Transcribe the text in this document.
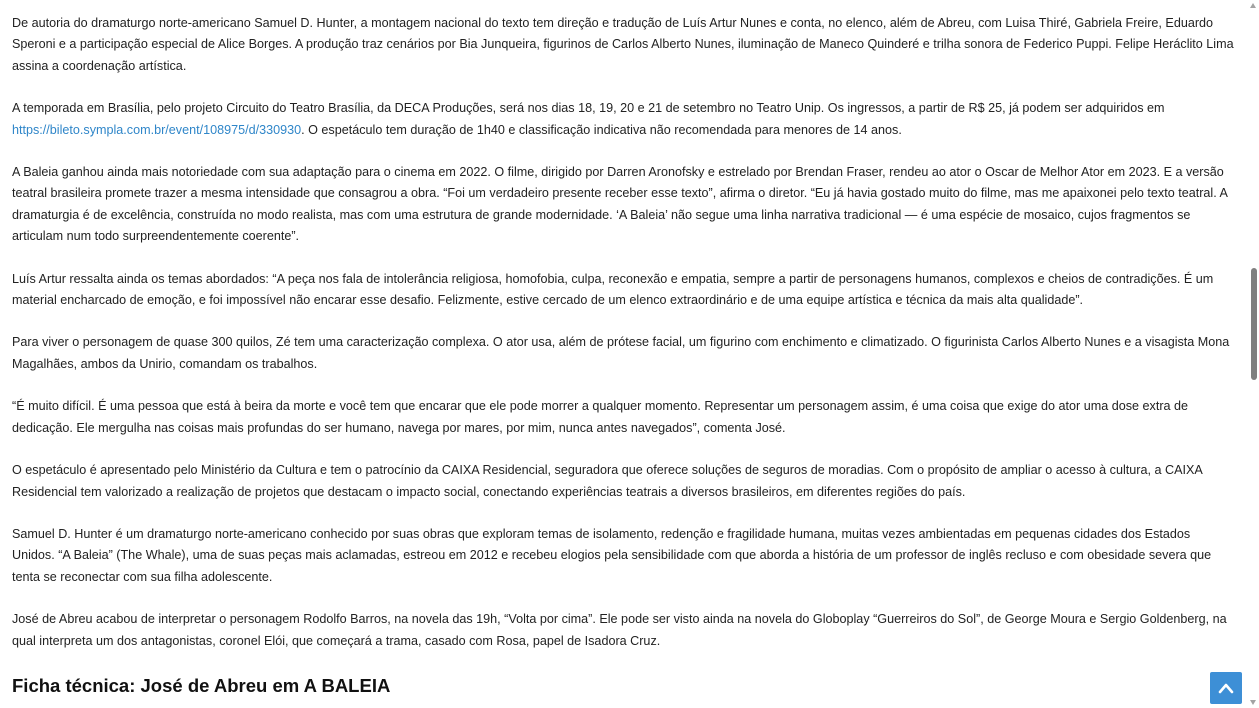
De autoria do dramaturgo norte-americano Samuel D. Hunter, a montagem nacional do texto tem direção e tradução de Luís Artur Nunes e conta, no elenco, além de Abreu, com Luisa Thiré, Gabriela Freire, Eduardo Speroni e a participação especial de Alice Borges. A produção traz cenários por Bia Junqueira, figurinos de Carlos Alberto Nunes, iluminação de Maneco Quinderé e trilha sonora de Federico Puppi. Felipe Heráclito Lima assina a coordenação artística.

A temporada em Brasília, pelo projeto Circuito do Teatro Brasília, da DECA Produções, será nos dias 18, 19, 20 e 21 de setembro no Teatro Unip. Os ingressos, a partir de R$ 25, já podem ser adquiridos em https://bileto.sympla.com.br/event/108975/d/330930. O espetáculo tem duração de 1h40 e classificação indicativa não recomendada para menores de 14 anos.

A Baleia ganhou ainda mais notoriedade com sua adaptação para o cinema em 2022. O filme, dirigido por Darren Aronofsky e estrelado por Brendan Fraser, rendeu ao ator o Oscar de Melhor Ator em 2023. E a versão teatral brasileira promete trazer a mesma intensidade que consagrou a obra. “Foi um verdadeiro presente receber esse texto”, afirma o diretor. “Eu já havia gostado muito do filme, mas me apaixonei pelo texto teatral. A dramaturgia é de excelência, construída no modo realista, mas com uma estrutura de grande modernidade. ‘A Baleia’ não segue uma linha narrativa tradicional — é uma espécie de mosaico, cujos fragmentos se articulam num todo surpreendentemente coerente”.

Luís Artur ressalta ainda os temas abordados: “A peça nos fala de intolerância religiosa, homofobia, culpa, reconexão e empatia, sempre a partir de personagens humanos, complexos e cheios de contradições. É um material encharcado de emoção, e foi impossível não encarar esse desafio. Felizmente, estive cercado de um elenco extraordinário e de uma equipe artística e técnica da mais alta qualidade”.

Para viver o personagem de quase 300 quilos, Zé tem uma caracterização complexa. O ator usa, além de prótese facial, um figurino com enchimento e climatizado. O figurinista Carlos Alberto Nunes e a visagista Mona Magalhães, ambos da Unirio, comandam os trabalhos.

“É muito difícil. É uma pessoa que está à beira da morte e você tem que encarar que ele pode morrer a qualquer momento. Representar um personagem assim, é uma coisa que exige do ator uma dose extra de dedicação. Ele mergulha nas coisas mais profundas do ser humano, navega por mares, por mim, nunca antes navegados”, comenta José.

O espetáculo é apresentado pelo Ministério da Cultura e tem o patrocínio da CAIXA Residencial, seguradora que oferece soluções de seguros de moradias. Com o propósito de ampliar o acesso à cultura, a CAIXA Residencial tem valorizado a realização de projetos que destacam o impacto social, conectando experiências teatrais a diversos brasileiros, em diferentes regiões do país.

Samuel D. Hunter é um dramaturgo norte-americano conhecido por suas obras que exploram temas de isolamento, redenção e fragilidade humana, muitas vezes ambientadas em pequenas cidades dos Estados Unidos. “A Baleia” (The Whale), uma de suas peças mais aclamadas, estreou em 2012 e recebeu elogios pela sensibilidade com que aborda a história de um professor de inglês recluso e com obesidade severa que tenta se reconectar com sua filha adolescente.

José de Abreu acabou de interpretar o personagem Rodolfo Barros, na novela das 19h, “Volta por cima”. Ele pode ser visto ainda na novela do Globoplay “Guerreiros do Sol”, de George Moura e Sergio Goldenberg, na qual interpreta um dos antagonistas, coronel Elói, que começará a trama, casado com Rosa, papel de Isadora Cruz.

Ficha técnica: José de Abreu em A BALEIA
